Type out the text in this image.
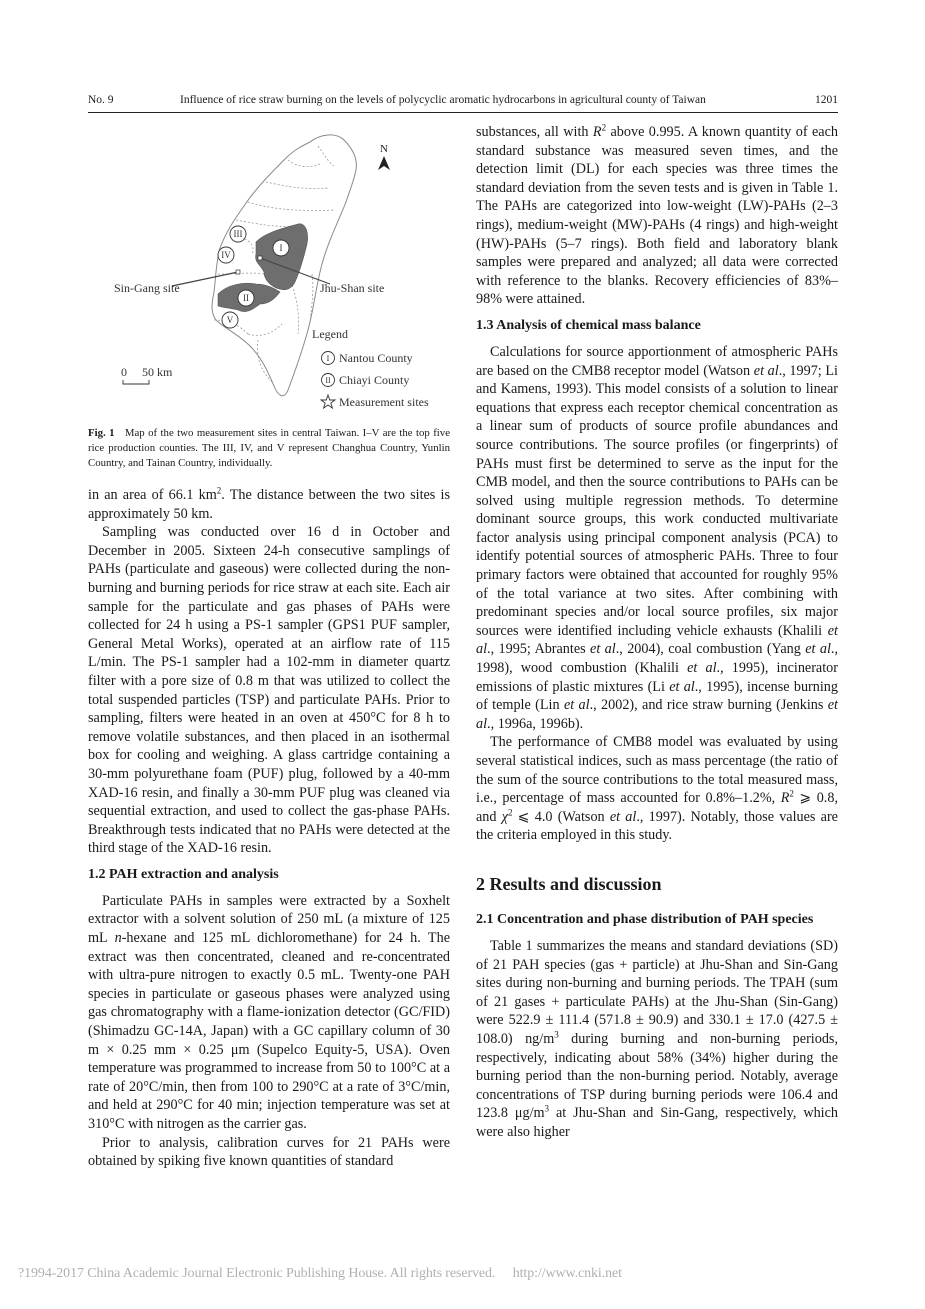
No. 9	Influence of rice straw burning on the levels of polycyclic aromatic hydrocarbons in agricultural county of Taiwan	1201
I
II
III
IV
V
Sin-Gang site	Jhu-Shan site
N
0 50 km
Legend
I Nantou County
II Chiayi County
Measurement sites
Fig. 1 Map of the two measurement sites in central Taiwan. I–V are the top five rice production counties. The III, IV, and V represent Changhua Country, Yunlin Country, and Tainan Country, individually.

in an area of 66.1 $km^2$. The distance between the two sites is approximately 50 km.

Sampling was conducted over 16 d in October and December in 2005. Sixteen 24-h consecutive samplings of PAHs (particulate and gaseous) were collected during the non-burning and burning periods for rice straw at each site. Each air sample for the particulate and gas phases of PAHs were collected for 24 h using a PS-1 sampler (GPS1 PUF sampler, General Metal Works), operated at an airflow rate of 115 L/min. The PS-1 sampler had a 102-mm in diameter quartz filter with a pore size of 0.8 m that was utilized to collect the total suspended particles (TSP) and particulate PAHs. Prior to sampling, filters were heated in an oven at 450°C for 8 h to remove volatile substances, and then placed in an isothermal box for cooling and weighing. A glass cartridge containing a 30-mm polyurethane foam (PUF) plug, followed by a 40-mm XAD-16 resin, and finally a 30-mm PUF plug was cleaned via sequential extraction, and used to collect the gas-phase PAHs. Breakthrough tests indicated that no PAHs were detected at the third stage of the XAD-16 resin.

1.2 PAH extraction and analysis

Particulate PAHs in samples were extracted by a Soxhelt extractor with a solvent solution of 250 mL (a mixture of 125 mL n-hexane and 125 mL dichloromethane) for 24 h. The extract was then concentrated, cleaned and re-concentrated with ultra-pure nitrogen to exactly 0.5 mL. Twenty-one PAH species in particulate or gaseous phases were analyzed using gas chromatography with a flame-ionization detector (GC/FID) (Shimadzu GC-14A, Japan) with a GC capillary column of 30 m × 0.25 mm × 0.25 μm (Supelco Equity-5, USA). Oven temperature was programmed to increase from 50 to 100°C at a rate of 20°C/min, then from 100 to 290°C at a rate of 3°C/min, and held at 290°C for 40 min; injection temperature was set at 310°C with nitrogen as the carrier gas.

Prior to analysis, calibration curves for 21 PAHs were obtained by spiking five known quantities of standard

substances, all with $R^2$ above 0.995. A known quantity of each standard substance was measured seven times, and the detection limit (DL) for each species was three times the standard deviation from the seven tests and is given in Table 1. The PAHs are categorized into low-weight (LW)-PAHs (2–3 rings), medium-weight (MW)-PAHs (4 rings) and high-weight (HW)-PAHs (5–7 rings). Both field and laboratory blank samples were prepared and analyzed; all data were corrected with reference to the blanks. Recovery efficiencies of 83%–98% were attained.

1.3 Analysis of chemical mass balance

Calculations for source apportionment of atmospheric PAHs are based on the CMB8 receptor model (Watson et al., 1997; Li and Kamens, 1993). This model consists of a solution to linear equations that express each receptor chemical concentration as a linear sum of products of source profile abundances and source contributions. The source profiles (or fingerprints) of PAHs must first be determined to serve as the input for the CMB model, and then the source contributions to PAHs can be solved using multiple regression methods. To determine dominant source groups, this work conducted multivariate factor analysis using principal component analysis (PCA) to identify potential sources of atmospheric PAHs. Three to four primary factors were obtained that accounted for roughly 95% of the total variance at two sites. After combining with predominant species and/or local source profiles, six major sources were identified including vehicle exhausts (Khalili et al., 1995; Abrantes et al., 2004), coal combustion (Yang et al., 1998), wood combustion (Khalili et al., 1995), incinerator emissions of plastic mixtures (Li et al., 1995), incense burning of temple (Lin et al., 2002), and rice straw burning (Jenkins et al., 1996a, 1996b).

The performance of CMB8 model was evaluated by using several statistical indices, such as mass percentage (the ratio of the sum of the source contributions to the total measured mass, i.e., percentage of mass accounted for 0.8%–1.2%, $R^2$ ⩾ 0.8, and $\chi^2$ ⩽ 4.0 (Watson et al., 1997). Notably, those values are the criteria employed in this study.

2 Results and discussion
2.1 Concentration and phase distribution of PAH species

Table 1 summarizes the means and standard deviations (SD) of 21 PAH species (gas + particle) at Jhu-Shan and Sin-Gang sites during non-burning and burning periods. The TPAH (sum of 21 gases + particulate PAHs) at the Jhu-Shan (Sin-Gang) were 522.9 ± 111.4 (571.8 ± 90.9) and 330.1 ± 17.0 (427.5 ± 108.0) $ng/m^3$ during burning and non-burning periods, respectively, indicating about 58% (34%) higher during the burning period than the non-burning period. Notably, average concentrations of TSP during burning periods were 106.4 and 123.8 $\mu g/m^3$ at Jhu-Shan and Sin-Gang, respectively, which were also higher

?1994-2017 China Academic Journal Electronic Publishing House. All rights reserved. http://www.cnki.net
